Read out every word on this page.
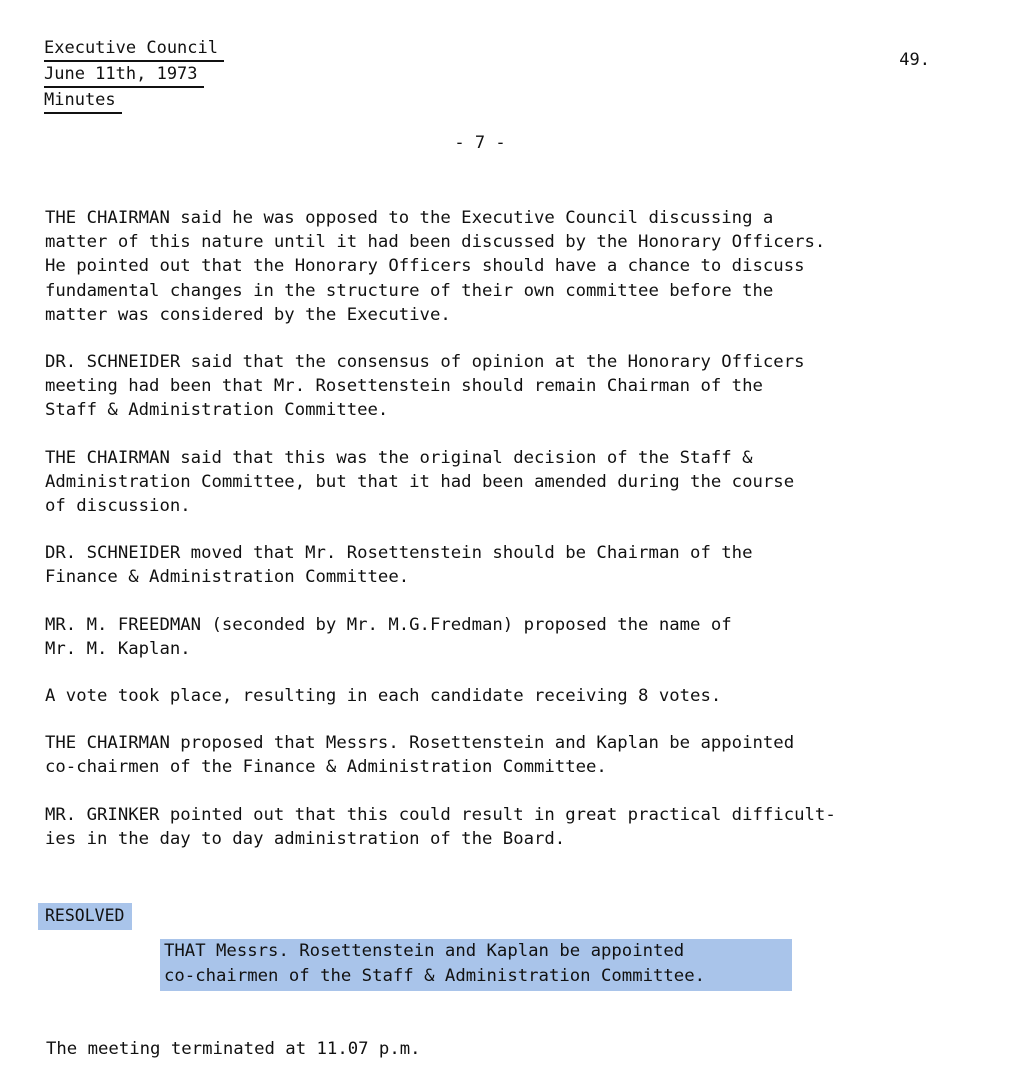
Executive Council
June 11th, 1973
Minutes
49.
- 7 -

THE CHAIRMAN said he was opposed to the Executive Council discussing a
matter of this nature until it had been discussed by the Honorary Officers.
He pointed out that the Honorary Officers should have a chance to discuss
fundamental changes in the structure of their own committee before the
matter was considered by the Executive.

DR. SCHNEIDER said that the consensus of opinion at the Honorary Officers
meeting had been that Mr. Rosettenstein should remain Chairman of the
Staff & Administration Committee.

THE CHAIRMAN said that this was the original decision of the Staff &
Administration Committee, but that it had been amended during the course
of discussion.

DR. SCHNEIDER moved that Mr. Rosettenstein should be Chairman of the
Finance & Administration Committee.

MR. M. FREEDMAN (seconded by Mr. M.G.Fredman) proposed the name of
Mr. M. Kaplan.

A vote took place, resulting in each candidate receiving 8 votes.

THE CHAIRMAN proposed that Messrs. Rosettenstein and Kaplan be appointed
co-chairmen of the Finance & Administration Committee.

MR. GRINKER pointed out that this could result in great practical difficult-
ies in the day to day administration of the Board.

RESOLVED
THAT Messrs. Rosettenstein and Kaplan be appointed
co-chairmen of the Staff & Administration Committee.
The meeting terminated at 11.07 p.m.
